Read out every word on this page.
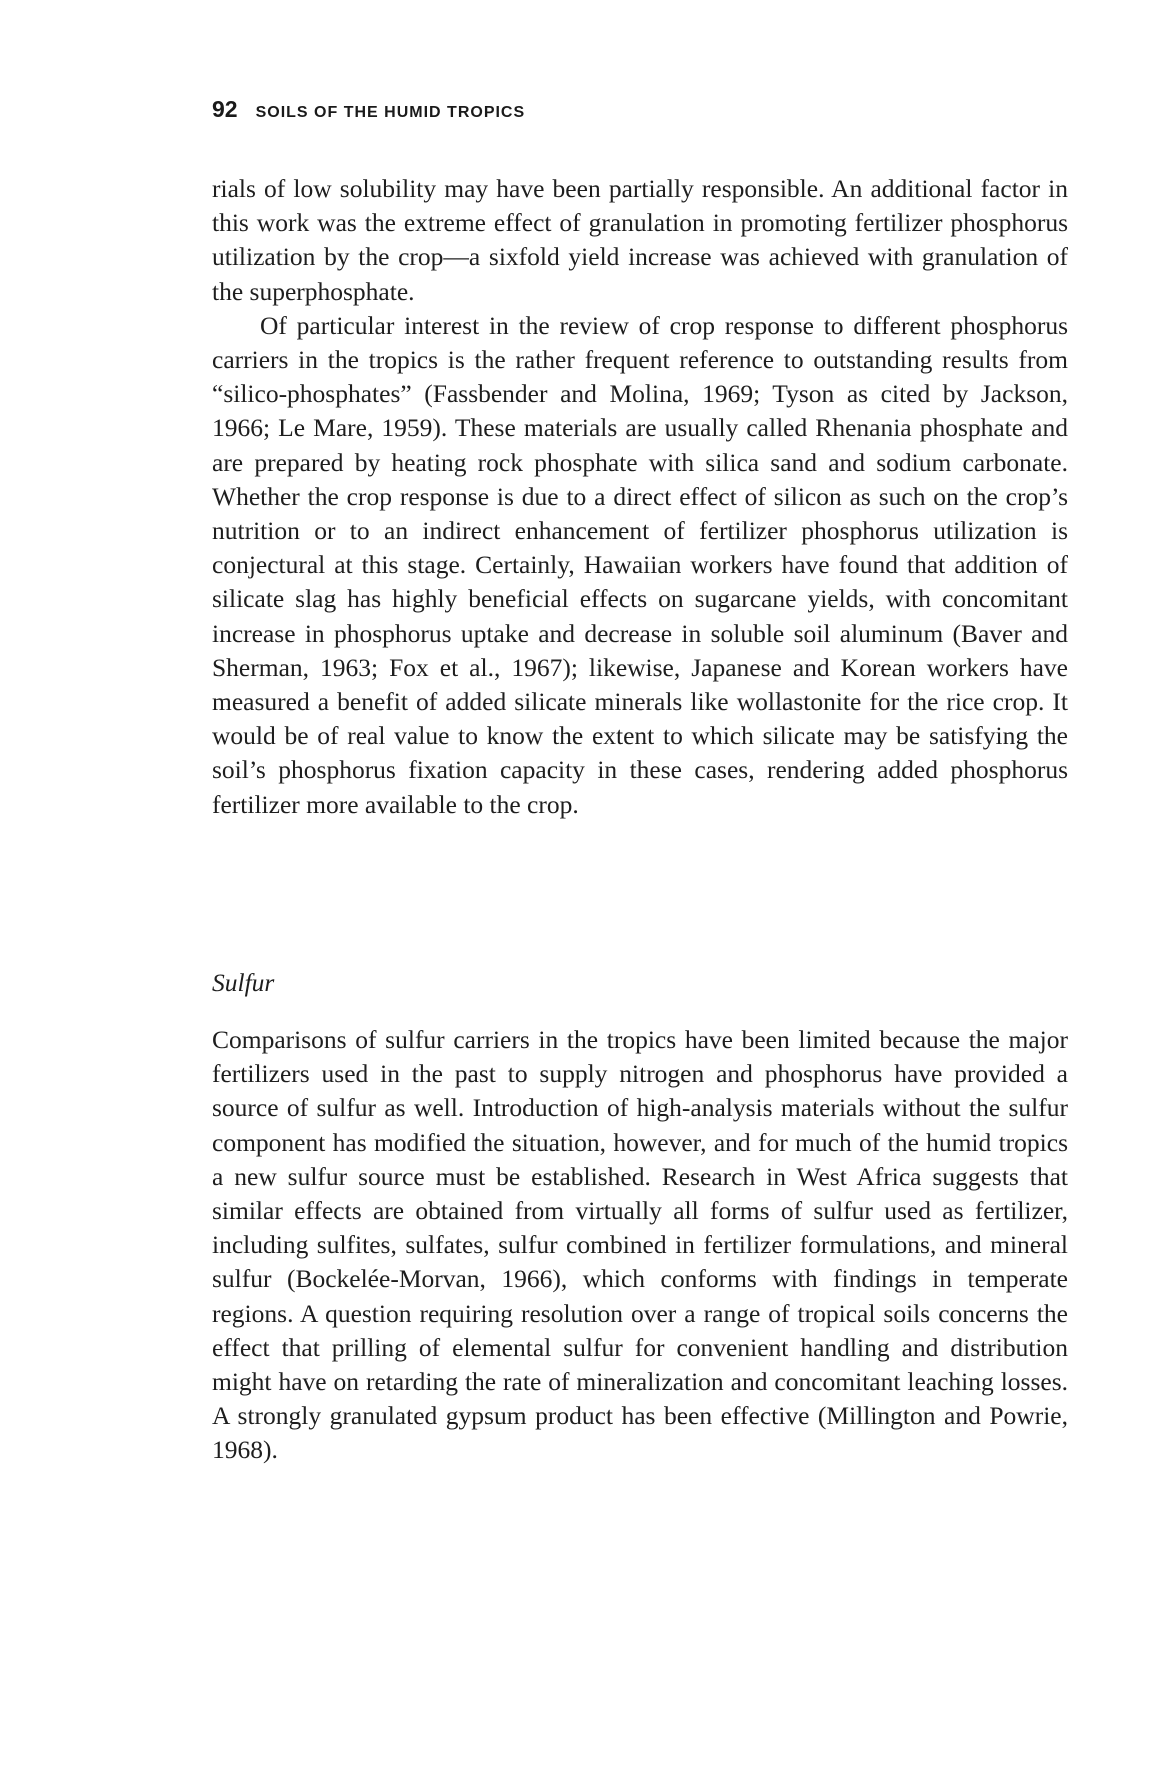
92 SOILS OF THE HUMID TROPICS

rials of low solubility may have been partially responsible. An additional factor in this work was the extreme effect of granulation in promoting fertilizer phosphorus utilization by the crop—a sixfold yield increase was achieved with granulation of the superphosphate.

Of particular interest in the review of crop response to different phosphorus carriers in the tropics is the rather frequent reference to outstanding results from “silico-phosphates” (Fassbender and Molina, 1969; Tyson as cited by Jackson, 1966; Le Mare, 1959). These materials are usually called Rhenania phosphate and are prepared by heating rock phosphate with silica sand and sodium carbonate. Whether the crop response is due to a direct effect of silicon as such on the crop’s nutrition or to an indirect enhancement of fertilizer phosphorus utilization is conjectural at this stage. Certainly, Hawaiian workers have found that addition of silicate slag has highly beneficial effects on sugarcane yields, with concomitant increase in phosphorus uptake and decrease in soluble soil aluminum (Baver and Sherman, 1963; Fox et al., 1967); likewise, Japanese and Korean workers have measured a benefit of added silicate minerals like wollastonite for the rice crop. It would be of real value to know the extent to which silicate may be satisfying the soil’s phosphorus fixation capacity in these cases, rendering added phosphorus fertilizer more available to the crop.

Sulfur

Comparisons of sulfur carriers in the tropics have been limited because the major fertilizers used in the past to supply nitrogen and phosphorus have provided a source of sulfur as well. Introduction of high-analysis materials without the sulfur component has modified the situation, however, and for much of the humid tropics a new sulfur source must be established. Research in West Africa suggests that similar effects are obtained from virtually all forms of sulfur used as fertilizer, including sulfites, sulfates, sulfur combined in fertilizer formulations, and mineral sulfur (Bockelée-Morvan, 1966), which conforms with findings in temperate regions. A question requiring resolution over a range of tropical soils concerns the effect that prilling of elemental sulfur for convenient handling and distribution might have on retarding the rate of mineralization and concomitant leaching losses. A strongly granulated gypsum product has been effective (Millington and Powrie, 1968).
